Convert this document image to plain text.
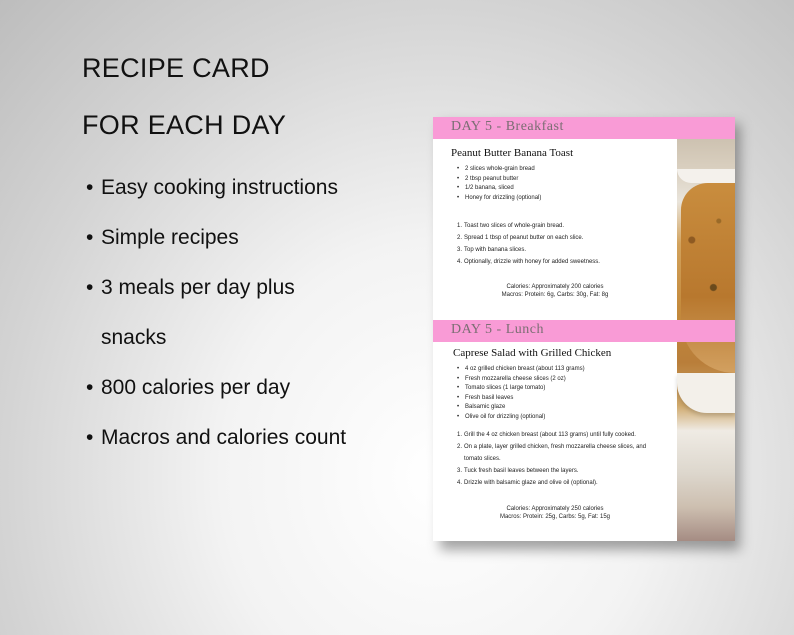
RECIPE CARD
FOR EACH DAY
• Easy cooking instructions
• Simple recipes
• 3 meals per day plus
snacks
• 800 calories per day
• Macros and calories count
DAY 5 - Breakfast
Peanut Butter Banana Toast
• 2 slices whole-grain bread
• 2 tbsp peanut butter
• 1/2 banana, sliced
• Honey for drizzling (optional)
1. Toast two slices of whole-grain bread.
2. Spread 1 tbsp of peanut butter on each slice.
3. Top with banana slices.
4. Optionally, drizzle with honey for added sweetness.
Calories: Approximately 200 calories
Macros: Protein: 6g, Carbs: 30g, Fat: 8g
DAY 5 - Lunch
Caprese Salad with Grilled Chicken
• 4 oz grilled chicken breast (about 113 grams)
• Fresh mozzarella cheese slices (2 oz)
• Tomato slices (1 large tomato)
• Fresh basil leaves
• Balsamic glaze
• Olive oil for drizzling (optional)
1. Grill the 4 oz chicken breast (about 113 grams) until fully cooked.
2. On a plate, layer grilled chicken, fresh mozzarella cheese slices, and tomato slices.
3. Tuck fresh basil leaves between the layers.
4. Drizzle with balsamic glaze and olive oil (optional).
Calories: Approximately 250 calories
Macros: Protein: 25g, Carbs: 5g, Fat: 15g
